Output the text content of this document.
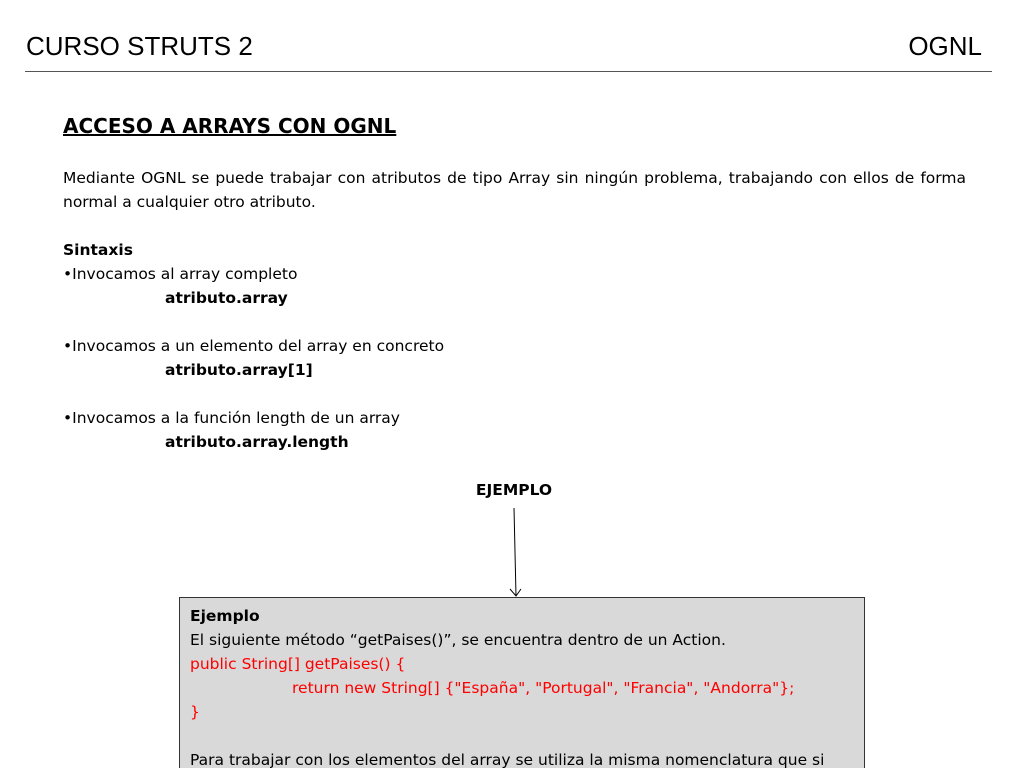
CURSO STRUTS 2	OGNL
ACCESO A ARRAYS CON OGNL
Mediante OGNL se puede trabajar con atributos de tipo Array sin ningún problema, trabajando con ellos de forma normal a cualquier otro atributo.
Sintaxis
•Invocamos al array completo
atributo.array
•Invocamos a un elemento del array en concreto
atributo.array[1]
•Invocamos a la función length de un array
atributo.array.length
EJEMPLO
Ejemplo
El siguiente método “getPaises()”, se encuentra dentro de un Action.
public String[] getPaises() {
return new String[] {"España", "Portugal", "Francia", "Andorra"};
}
Para trabajar con los elementos del array se utiliza la misma nomenclatura que si
